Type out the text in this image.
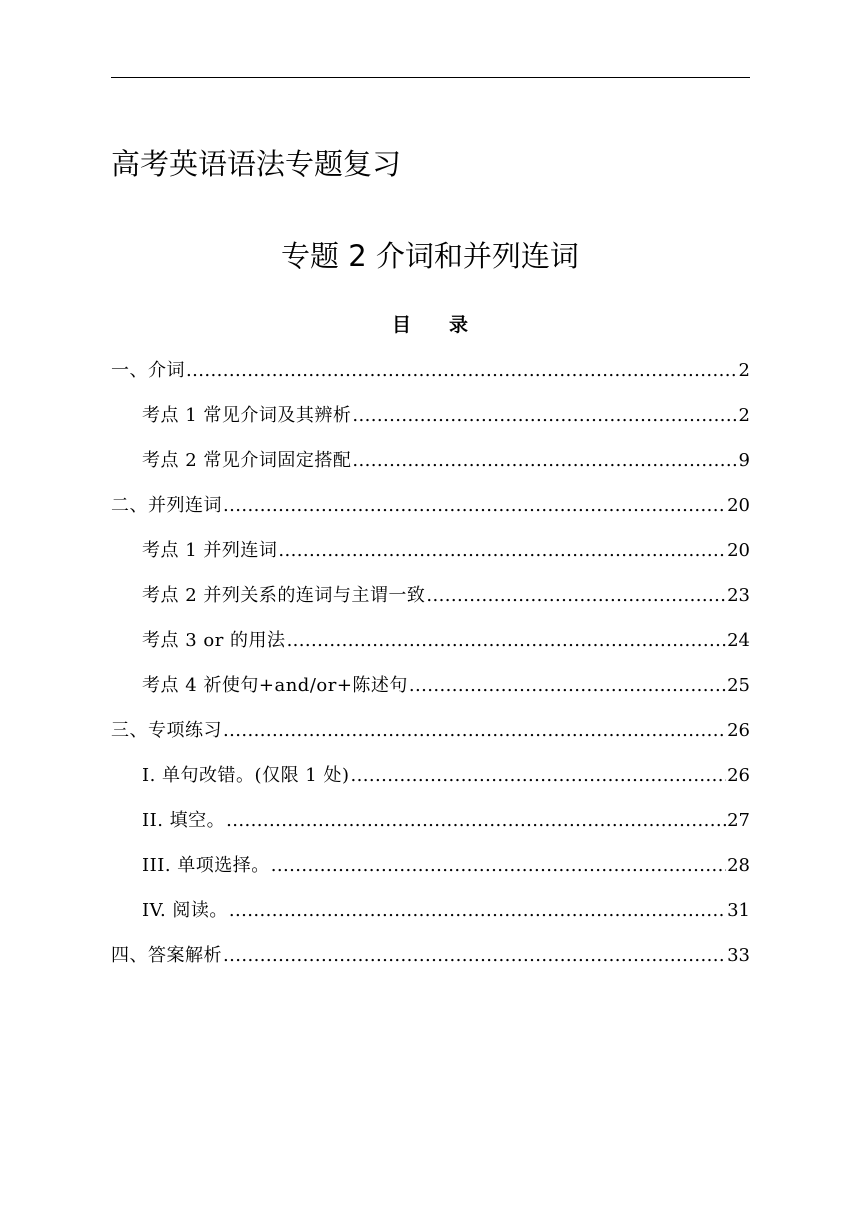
高考英语语法专题复习
专题 2 介词和并列连词
目 录
一、介词 .....	2
考点 1 常见介词及其辨析 .....	2
考点 2 常见介词固定搭配 .....	9
二、并列连词 .....	20
考点 1 并列连词 .....	20
考点 2 并列关系的连词与主谓一致 .....	23
考点 3 or 的用法 .....	24
考点 4 祈使句+and/or+陈述句 .....	25
三、专项练习 .....	26
I. 单句改错。(仅限 1 处) .....	26
II. 填空。 .....	27
III. 单项选择。 .....	28
IV. 阅读。 .....	31
四、答案解析 .....	33
